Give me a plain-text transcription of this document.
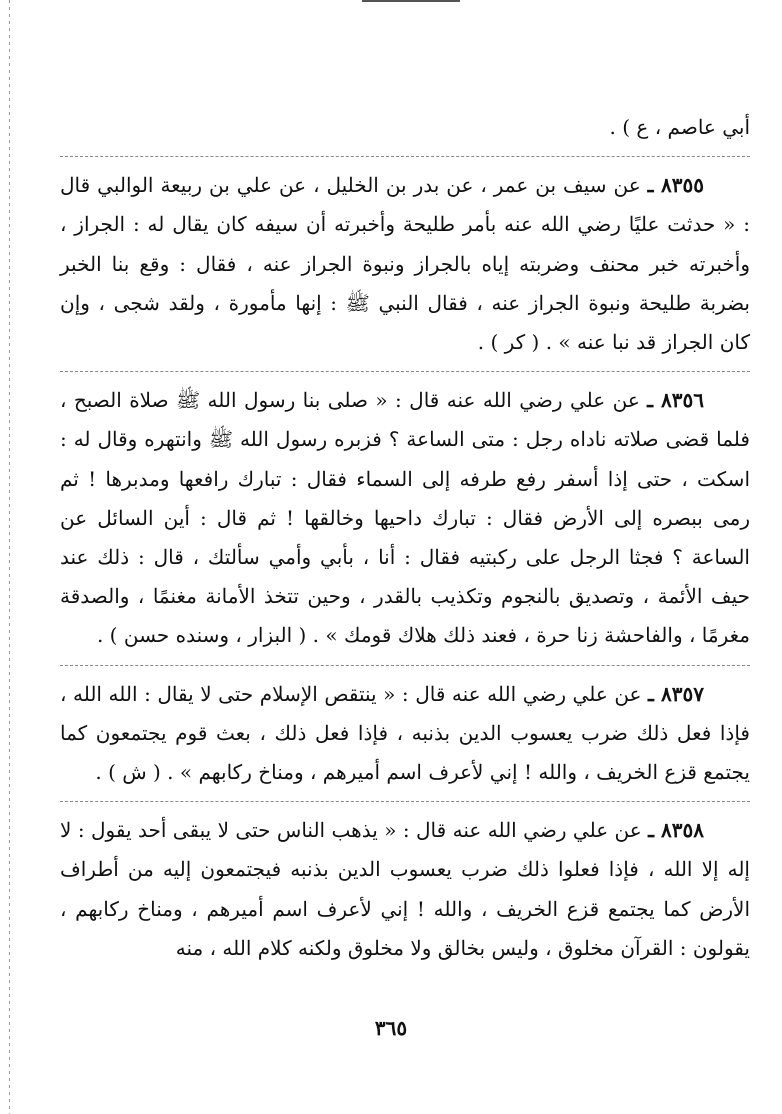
أبي عاصم ، ع ) .

٨٣٥٥ ـ عن سيف بن عمر ، عن بدر بن الخليل ، عن علي بن ربيعة الوالبي قال : « حدثت عليًا رضي الله عنه بأمر طليحة وأخبرته أن سيفه كان يقال له : الجراز ، وأخبرته خبر محنف وضربته إياه بالجراز ونبوة الجراز عنه ، فقال : وقع بنا الخبر بضربة طليحة ونبوة الجراز عنه ، فقال النبي ﷺ : إنها مأمورة ، ولقد شجى ، وإن كان الجراز قد نبا عنه » . ( كر ) .

٨٣٥٦ ـ عن علي رضي الله عنه قال : « صلى بنا رسول الله ﷺ صلاة الصبح ، فلما قضى صلاته ناداه رجل : متى الساعة ؟ فزبره رسول الله ﷺ وانتهره وقال له : اسكت ، حتى إذا أسفر رفع طرفه إلى السماء فقال : تبارك رافعها ومدبرها ! ثم رمى ببصره إلى الأرض فقال : تبارك داحيها وخالقها ! ثم قال : أين السائل عن الساعة ؟ فجثا الرجل على ركبتيه فقال : أنا ، بأبي وأمي سألتك ، قال : ذلك عند حيف الأئمة ، وتصديق بالنجوم وتكذيب بالقدر ، وحين تتخذ الأمانة مغنمًا ، والصدقة مغرمًا ، والفاحشة زنا حرة ، فعند ذلك هلاك قومك » . ( البزار ، وسنده حسن ) .

٨٣٥٧ ـ عن علي رضي الله عنه قال : « ينتقص الإسلام حتى لا يقال : الله الله ، فإذا فعل ذلك ضرب يعسوب الدين بذنبه ، فإذا فعل ذلك ، بعث قوم يجتمعون كما يجتمع قزع الخريف ، والله ! إني لأعرف اسم أميرهم ، ومناخ ركابهم » . ( ش ) .

٨٣٥٨ ـ عن علي رضي الله عنه قال : « يذهب الناس حتى لا يبقى أحد يقول : لا إله إلا الله ، فإذا فعلوا ذلك ضرب يعسوب الدين بذنبه فيجتمعون إليه من أطراف الأرض كما يجتمع قزع الخريف ، والله ! إني لأعرف اسم أميرهم ، ومناخ ركابهم ، يقولون : القرآن مخلوق ، وليس بخالق ولا مخلوق ولكنه كلام الله ، منه

٣٦٥
